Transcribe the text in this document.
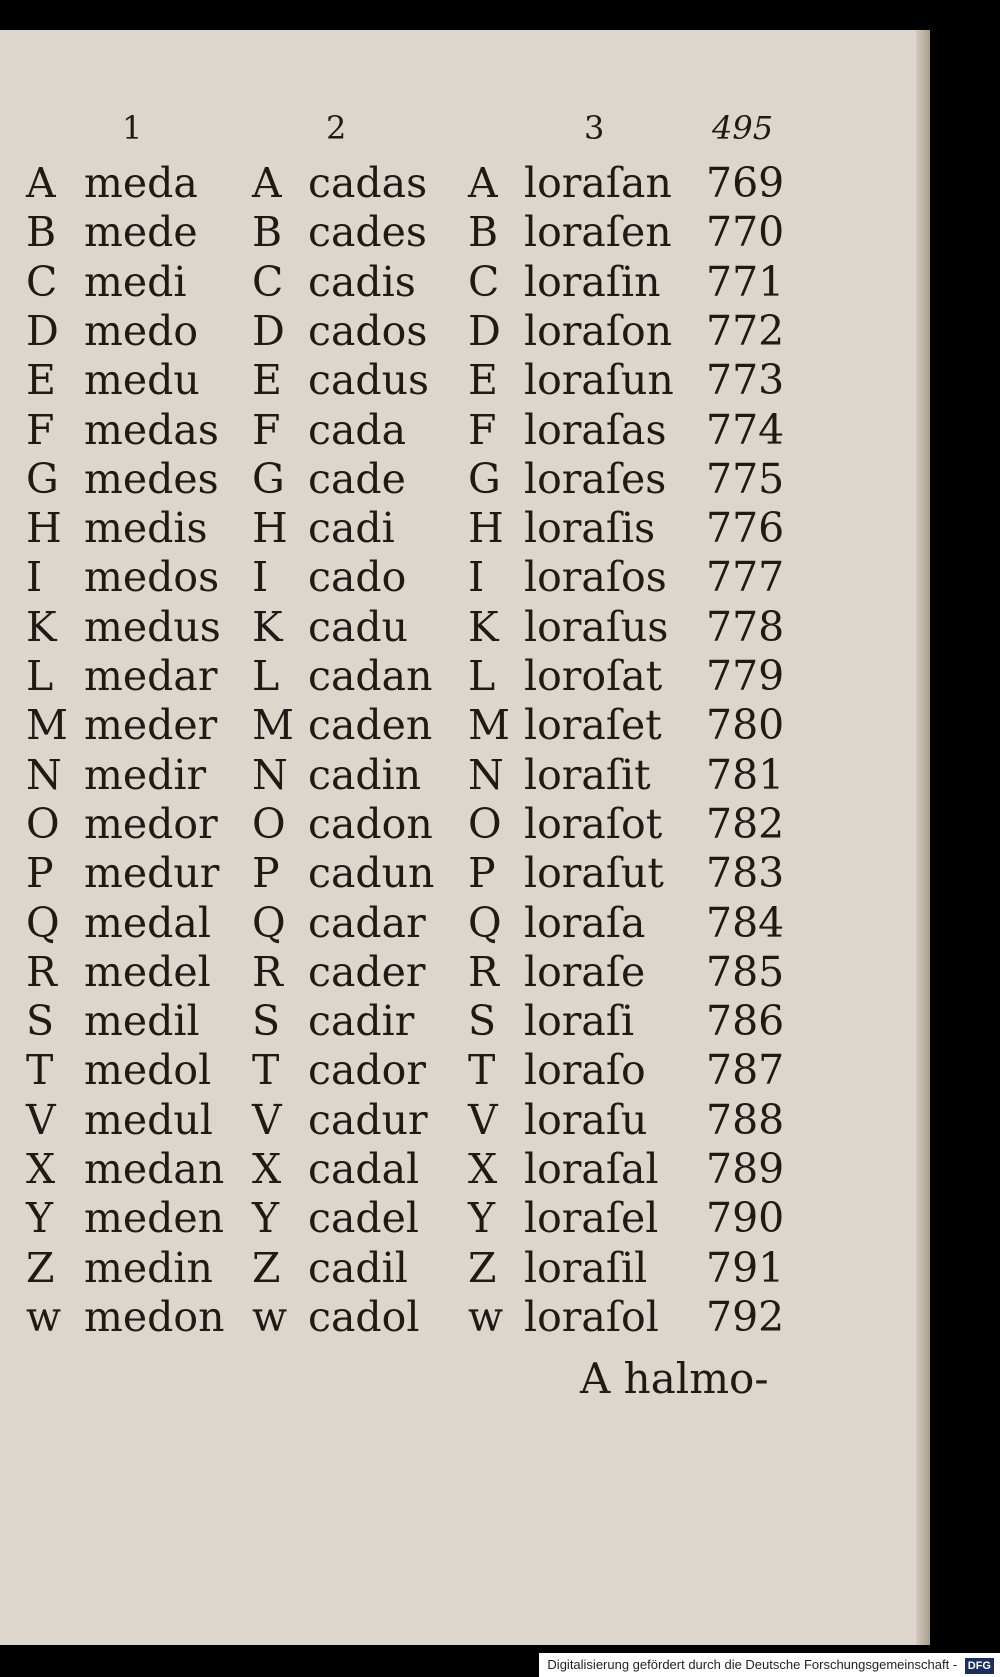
1	2	3	495
A meda A cadas A loraſan 769
B mede B cades B loraſen 770
C medi C cadis C loraſin 771
D medo D cados D loraſon 772
E medu E cadus E loraſun 773
F medas F cada F loraſas 774
G medes G cade G loraſes 775
H medis H cadi H loraſis 776
I medos I cado I loraſos 777
K medus K cadu K loraſus 778
L medar L cadan L loroſat 779
M meder M caden M loraſet 780
N medir N cadin N loraſit 781
O medor O cadon O loraſot 782
P medur P cadun P loraſut 783
Q medal Q cadar Q loraſa 784
R medel R cader R loraſe 785
S medil S cadir S loraſi 786
T medol T cador T loraſo 787
V medul V cadur V loraſu 788
X medan X cadal X loraſal 789
Y meden Y cadel Y loraſel 790
Z medin Z cadil Z loraſil 791
w medon w cadol w loraſol 792
A halmo-
Digitalisierung gefördert durch die Deutsche Forschungsgemeinschaft - DFG
